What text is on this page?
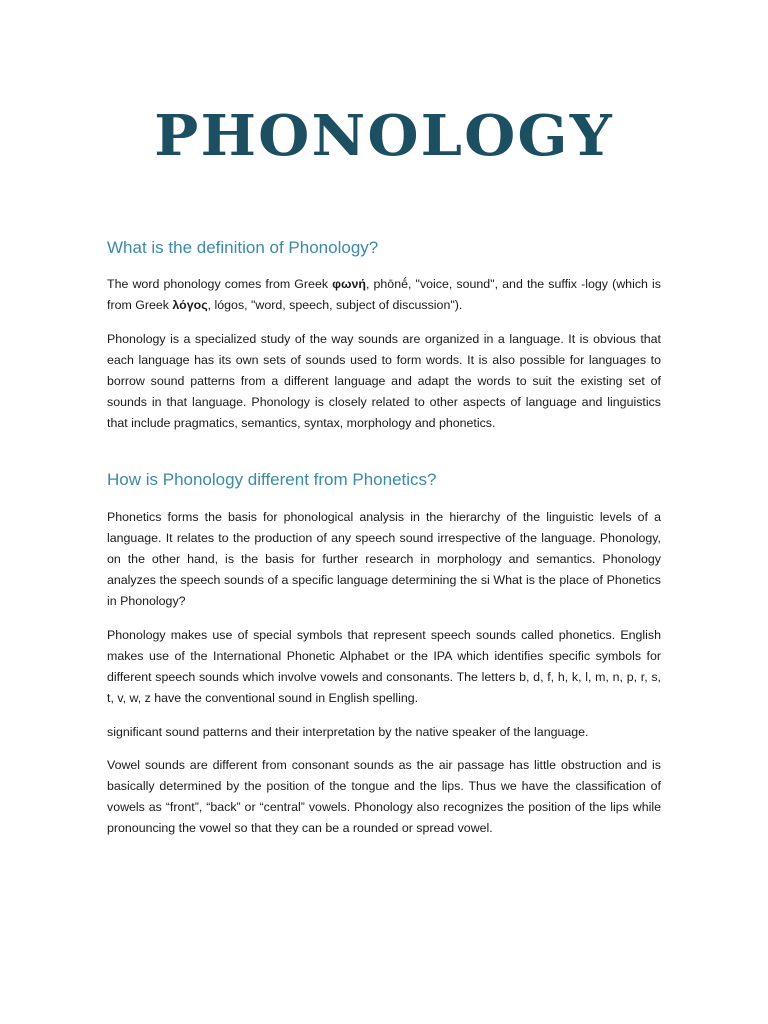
PHONOLOGY
What is the definition of Phonology?

The word phonology comes from Greek φωνή, phōnḗ, "voice, sound", and the suffix -logy (which is from Greek λόγος, lógos, "word, speech, subject of discussion").

Phonology is a specialized study of the way sounds are organized in a language. It is obvious that each language has its own sets of sounds used to form words. It is also possible for languages to borrow sound patterns from a different language and adapt the words to suit the existing set of sounds in that language. Phonology is closely related to other aspects of language and linguistics that include pragmatics, semantics, syntax, morphology and phonetics.

How is Phonology different from Phonetics?

Phonetics forms the basis for phonological analysis in the hierarchy of the linguistic levels of a language. It relates to the production of any speech sound irrespective of the language. Phonology, on the other hand, is the basis for further research in morphology and semantics. Phonology analyzes the speech sounds of a specific language determining the si What is the place of Phonetics in Phonology?

Phonology makes use of special symbols that represent speech sounds called phonetics. English makes use of the International Phonetic Alphabet or the IPA which identifies specific symbols for different speech sounds which involve vowels and consonants. The letters b, d, f, h, k, l, m, n, p, r, s, t, v, w, z have the conventional sound in English spelling.

significant sound patterns and their interpretation by the native speaker of the language.

Vowel sounds are different from consonant sounds as the air passage has little obstruction and is basically determined by the position of the tongue and the lips. Thus we have the classification of vowels as “front”, “back” or “central” vowels. Phonology also recognizes the position of the lips while pronouncing the vowel so that they can be a rounded or spread vowel.
